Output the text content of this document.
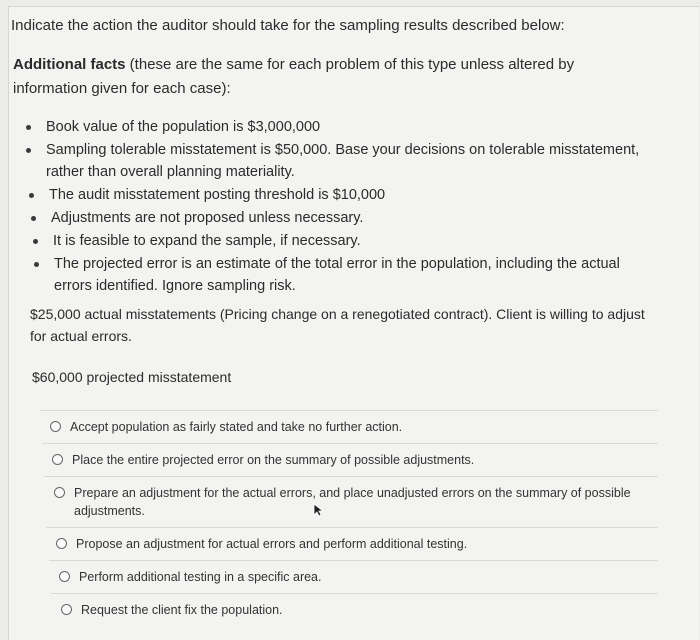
Indicate the action the auditor should take for the sampling results described below:
Additional facts (these are the same for each problem of this type unless altered by information given for each case):
Book value of the population is $3,000,000
Sampling tolerable misstatement is $50,000. Base your decisions on tolerable misstatement, rather than overall planning materiality.
The audit misstatement posting threshold is $10,000
Adjustments are not proposed unless necessary.
It is feasible to expand the sample, if necessary.
The projected error is an estimate of the total error in the population, including the actual errors identified. Ignore sampling risk.
$25,000 actual misstatements (Pricing change on a renegotiated contract). Client is willing to adjust for actual errors.
$60,000 projected misstatement
Accept population as fairly stated and take no further action.
Place the entire projected error on the summary of possible adjustments.
Prepare an adjustment for the actual errors, and place unadjusted errors on the summary of possible adjustments.
Propose an adjustment for actual errors and perform additional testing.
Perform additional testing in a specific area.
Request the client fix the population.
